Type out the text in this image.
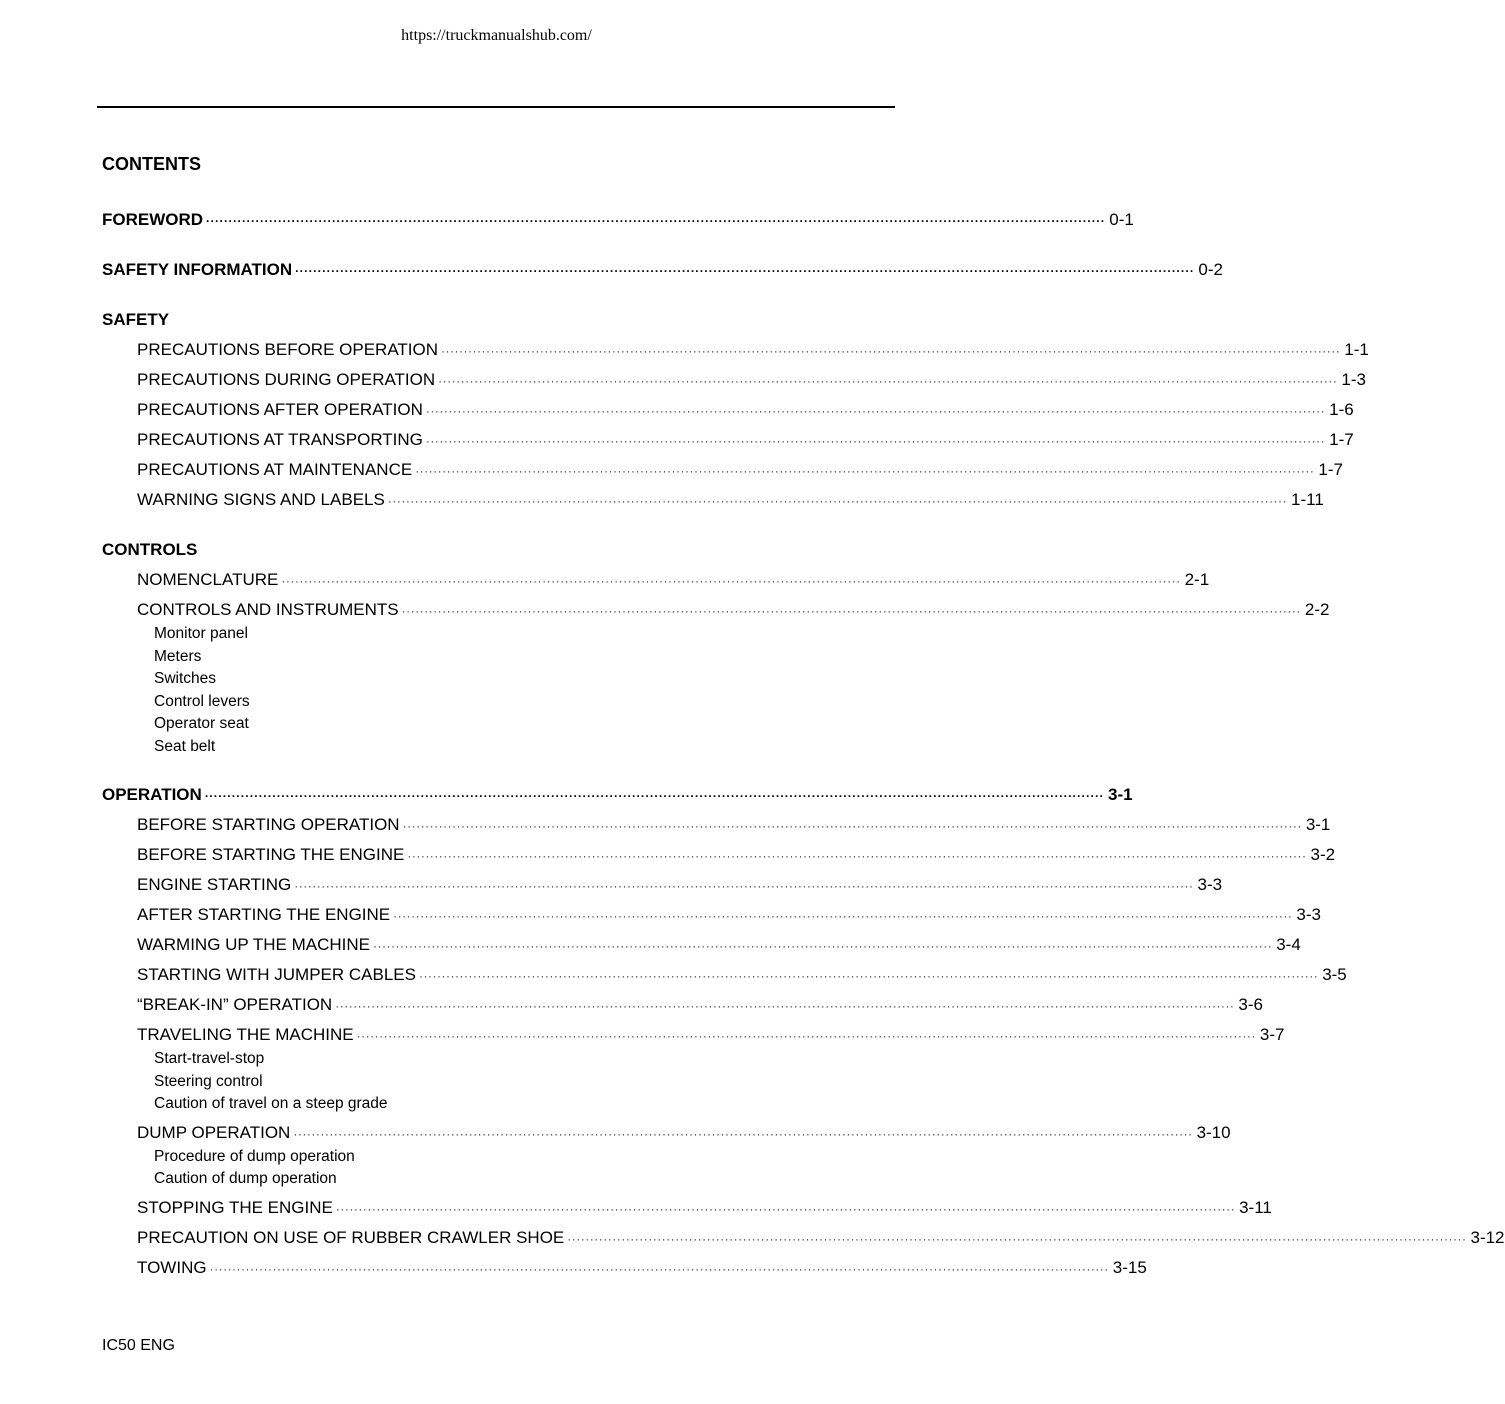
https://truckmanualshub.com/
CONTENTS
FOREWORD ········································································································································································································ 0-1
SAFETY INFORMATION ········································································································································································································ 0-2
SAFETY
PRECAUTIONS BEFORE OPERATION ········································································································································································································ 1-1
PRECAUTIONS DURING OPERATION ········································································································································································································ 1-3
PRECAUTIONS AFTER OPERATION ········································································································································································································ 1-6
PRECAUTIONS AT TRANSPORTING ········································································································································································································ 1-7
PRECAUTIONS AT MAINTENANCE ········································································································································································································ 1-7
WARNING SIGNS AND LABELS ········································································································································································································ 1-11
CONTROLS
NOMENCLATURE ········································································································································································································ 2-1
CONTROLS AND INSTRUMENTS ········································································································································································································ 2-2
Monitor panel
Meters
Switches
Control levers
Operator seat
Seat belt
OPERATION ········································································································································································································ 3-1
BEFORE STARTING OPERATION ········································································································································································································ 3-1
BEFORE STARTING THE ENGINE ········································································································································································································ 3-2
ENGINE STARTING ········································································································································································································ 3-3
AFTER STARTING THE ENGINE ········································································································································································································ 3-3
WARMING UP THE MACHINE ········································································································································································································ 3-4
STARTING WITH JUMPER CABLES ········································································································································································································ 3-5
“BREAK-IN” OPERATION ········································································································································································································ 3-6
TRAVELING THE MACHINE ········································································································································································································ 3-7
Start-travel-stop
Steering control
Caution of travel on a steep grade
DUMP OPERATION ········································································································································································································ 3-10
Procedure of dump operation
Caution of dump operation
STOPPING THE ENGINE ········································································································································································································ 3-11
PRECAUTION ON USE OF RUBBER CRAWLER SHOE ········································································································································································································ 3-12
TOWING ········································································································································································································ 3-15
IC50 ENG
